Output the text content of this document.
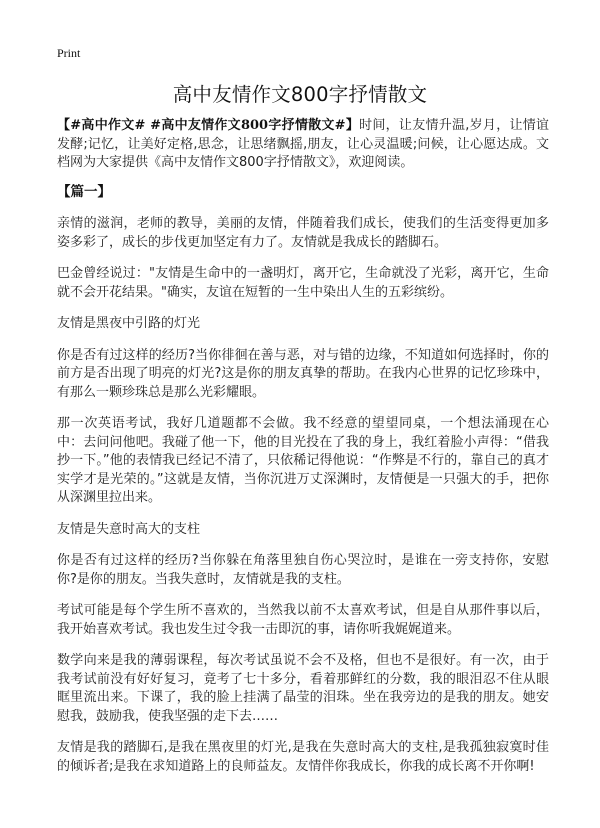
Print
高中友情作文800字抒情散文

【#高中作文# #高中友情作文800字抒情散文#】时间，让友情升温,岁月，让情谊发酵;记忆，让美好定格,思念，让思绪飘摇,朋友，让心灵温暖;问候，让心愿达成。文档网为大家提供《高中友情作文800字抒情散文》，欢迎阅读。

【篇一】

亲情的滋润，老师的教导，美丽的友情，伴随着我们成长，使我们的生活变得更加多姿多彩了，成长的步伐更加坚定有力了。友情就是我成长的踏脚石。

巴金曾经说过："友情是生命中的一盏明灯，离开它，生命就没了光彩，离开它，生命就不会开花结果。"确实，友谊在短暂的一生中染出人生的五彩缤纷。

友情是黑夜中引路的灯光

你是否有过这样的经历?当你徘徊在善与恶，对与错的边缘，不知道如何选择时，你的前方是否出现了明亮的灯光?这是你的朋友真挚的帮助。在我内心世界的记忆珍珠中，有那么一颗珍珠总是那么光彩耀眼。

那一次英语考试，我好几道题都不会做。我不经意的望望同桌，一个想法涌现在心中：去问问他吧。我碰了他一下，他的目光投在了我的身上，我红着脸小声得：“借我抄一下。”他的表情我已经记不清了，只依稀记得他说：“作弊是不行的，靠自己的真才实学才是光荣的。”这就是友情，当你沉进万丈深渊时，友情便是一只强大的手，把你从深渊里拉出来。

友情是失意时高大的支柱

你是否有过这样的经历?当你躲在角落里独自伤心哭泣时，是谁在一旁支持你，安慰你?是你的朋友。当我失意时，友情就是我的支柱。

考试可能是每个学生所不喜欢的，当然我以前不太喜欢考试，但是自从那件事以后，我开始喜欢考试。我也发生过令我一击即沉的事，请你听我娓娓道来。

数学向来是我的薄弱课程，每次考试虽说不会不及格，但也不是很好。有一次，由于我考试前没有好好复习，竟考了七十多分，看着那鲜红的分数，我的眼泪忍不住从眼眶里流出来。下课了，我的脸上挂满了晶莹的泪珠。坐在我旁边的是我的朋友。她安慰我，鼓励我，使我坚强的走下去……

友情是我的踏脚石,是我在黑夜里的灯光,是我在失意时高大的支柱,是我孤独寂寞时佳的倾诉者;是我在求知道路上的良师益友。友情伴你我成长，你我的成长离不开你啊!
